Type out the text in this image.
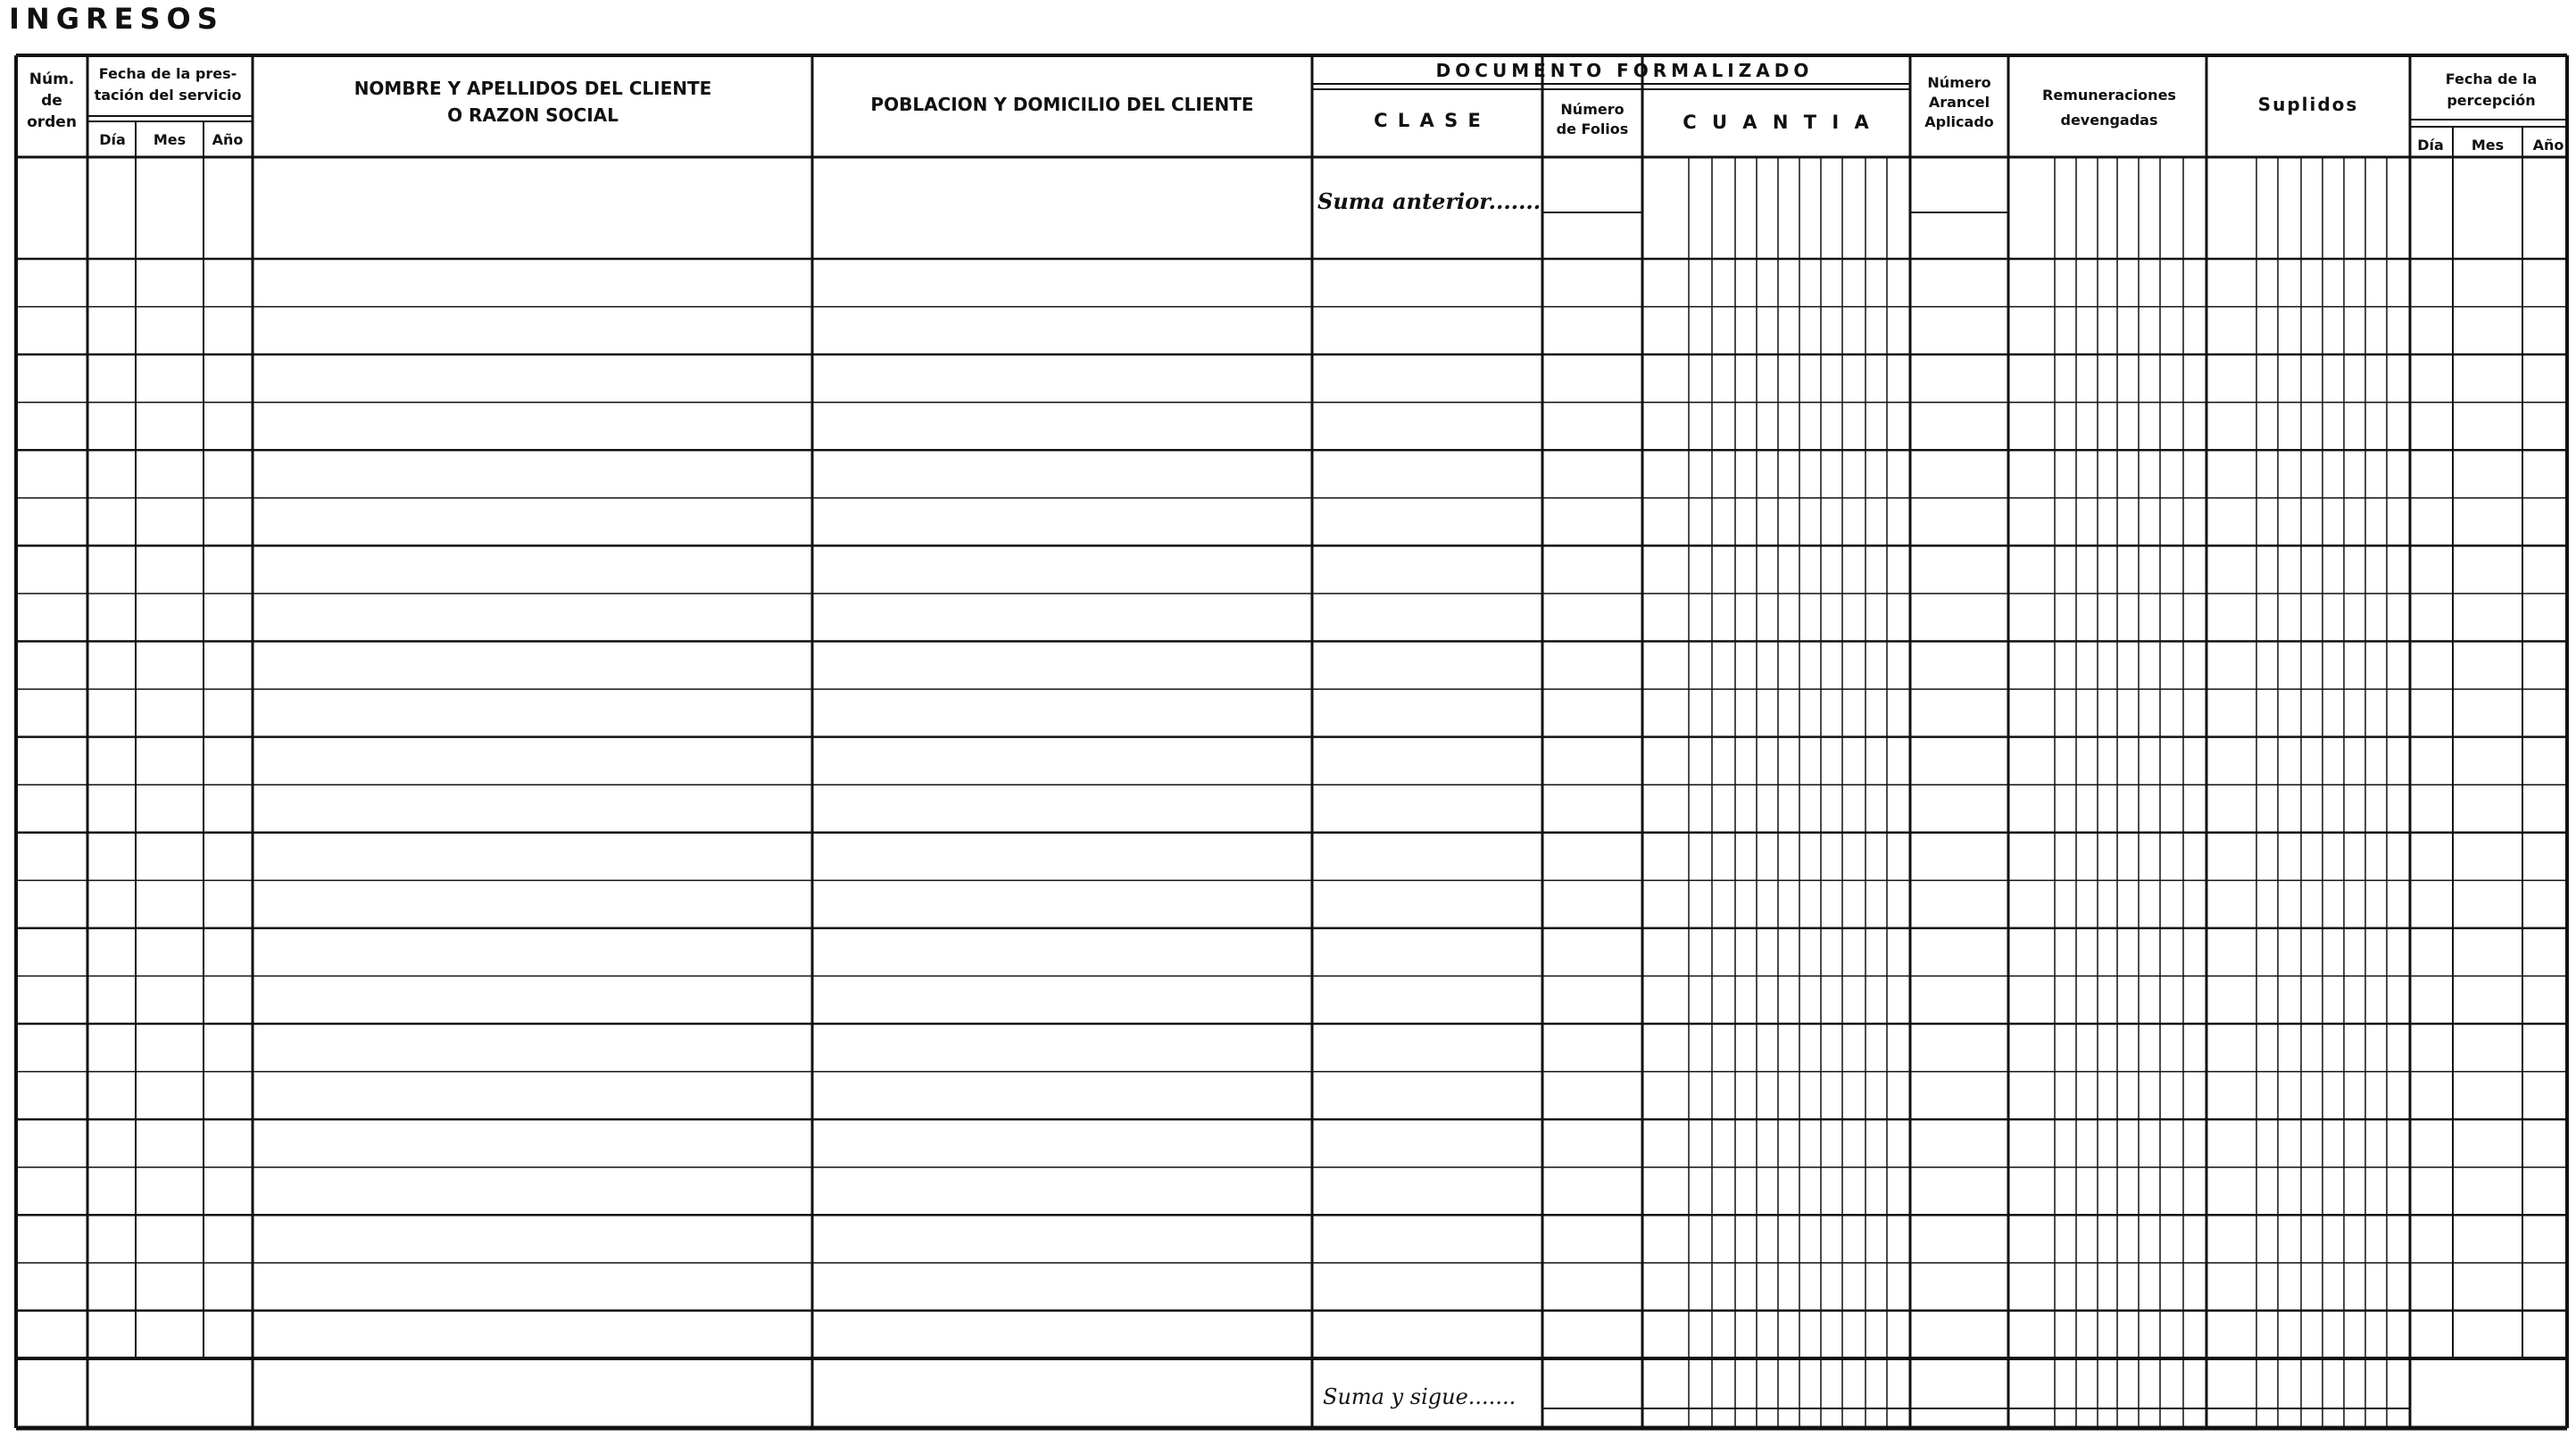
INGRESOS
Núm.
de
orden
Fecha de la pres-
tación del servicio
Día Mes Año
NOMBRE Y APELLIDOS DEL CLIENTE
O RAZON SOCIAL	POBLACION Y DOMICILIO DEL CLIENTE
DOCUMENTO FORMALIZADO
C L A S E
Número
de Folios	C U A N T I A
Número
Arancel
Aplicado
Remuneraciones
devengadas
Suplidos
Fecha de la
percepción
Día Mes Año
Suma anterior.......
Suma y sigue.......
